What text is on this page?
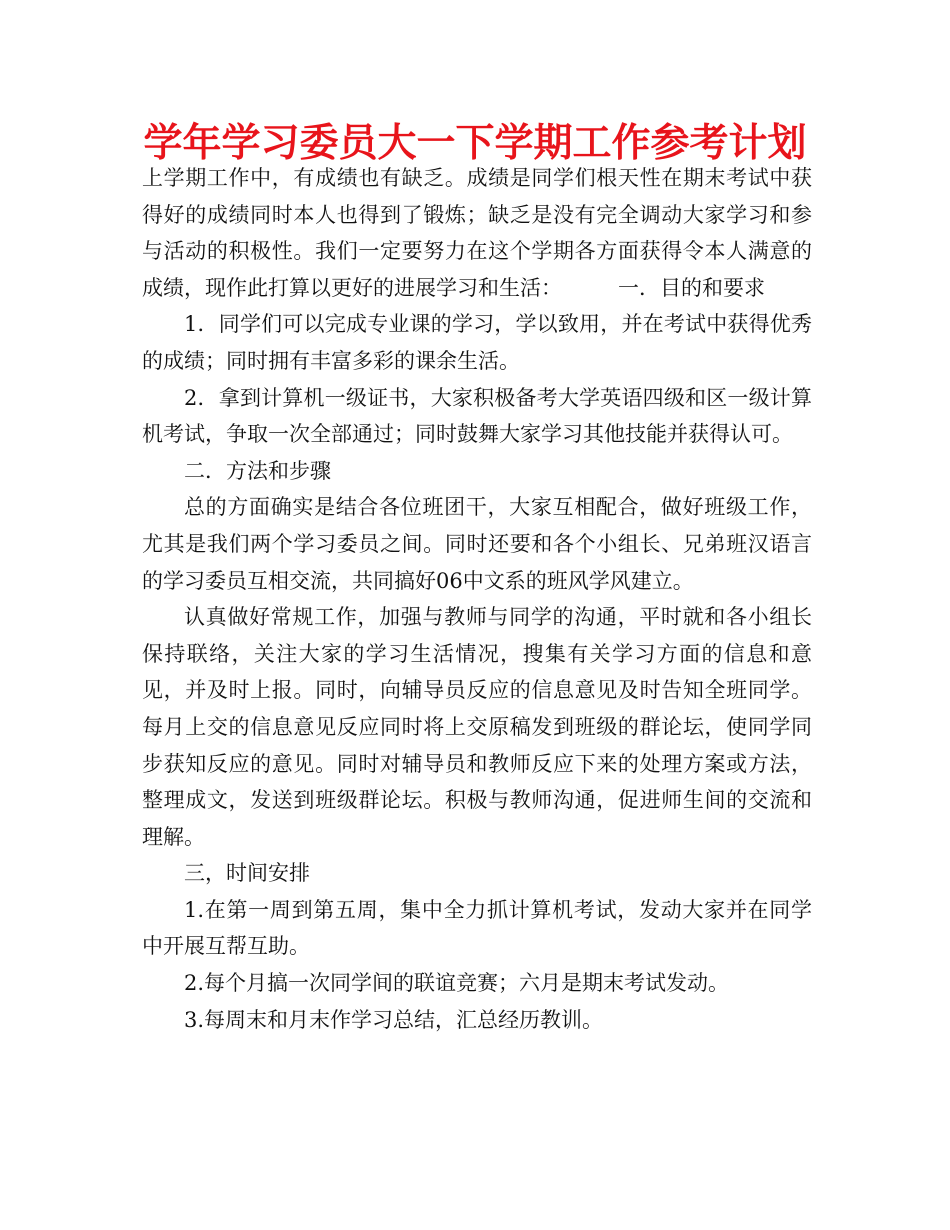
学年学习委员大一下学期工作参考计划

上学期工作中，有成绩也有缺乏。成绩是同学们根天性在期末考试中获得好的成绩同时本人也得到了锻炼；缺乏是没有完全调动大家学习和参与活动的积极性。我们一定要努力在这个学期各方面获得令本人满意的成绩，现作此打算以更好的进展学习和生活：	一．目的和要求

1．同学们可以完成专业课的学习，学以致用，并在考试中获得优秀的成绩；同时拥有丰富多彩的课余生活。

2．拿到计算机一级证书，大家积极备考大学英语四级和区一级计算机考试，争取一次全部通过；同时鼓舞大家学习其他技能并获得认可。

二．方法和步骤

总的方面确实是结合各位班团干，大家互相配合，做好班级工作，尤其是我们两个学习委员之间。同时还要和各个小组长、兄弟班汉语言的学习委员互相交流，共同搞好06中文系的班风学风建立。

认真做好常规工作，加强与教师与同学的沟通，平时就和各小组长保持联络，关注大家的学习生活情况，搜集有关学习方面的信息和意见，并及时上报。同时，向辅导员反应的信息意见及时告知全班同学。每月上交的信息意见反应同时将上交原稿发到班级的群论坛，使同学同步获知反应的意见。同时对辅导员和教师反应下来的处理方案或方法，整理成文，发送到班级群论坛。积极与教师沟通，促进师生间的交流和理解。

三，时间安排

1.在第一周到第五周，集中全力抓计算机考试，发动大家并在同学中开展互帮互助。

2.每个月搞一次同学间的联谊竞赛；六月是期末考试发动。

3.每周末和月末作学习总结，汇总经历教训。
